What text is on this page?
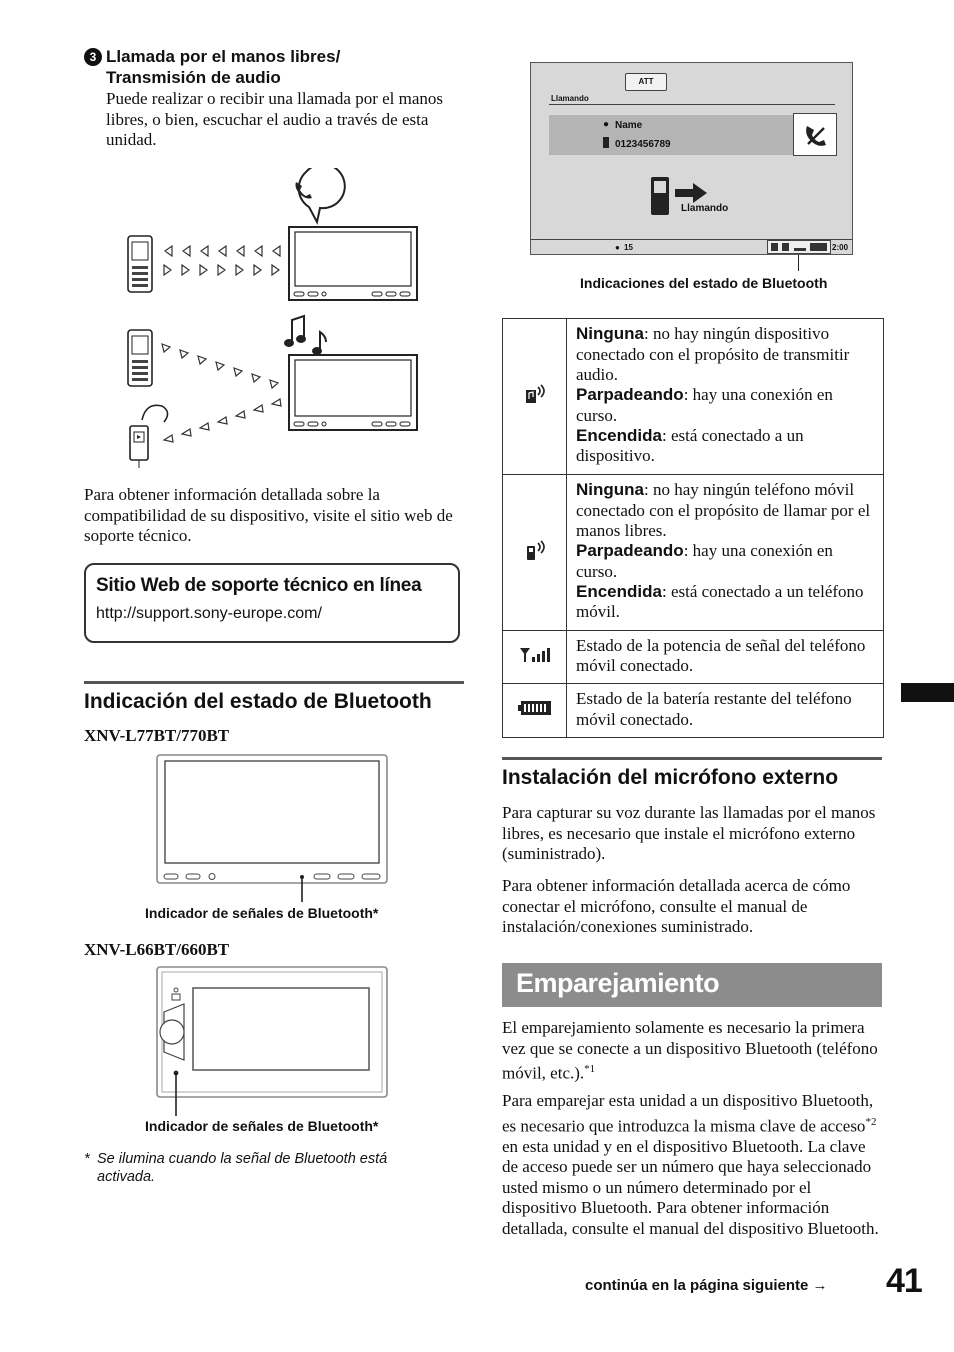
3 Llamada por el manos libres/
Transmisión de audio
Puede realizar o recibir una llamada por el manos libres, o bien, escuchar el audio a través de esta unidad.
Para obtener información detallada sobre la compatibilidad de su dispositivo, visite el sitio web de soporte técnico.
Sitio Web de soporte técnico en línea
http://support.sony-europe.com/
Indicación del estado de Bluetooth
XNV-L77BT/770BT
Indicador de señales de Bluetooth*
XNV-L66BT/660BT
Indicador de señales de Bluetooth*
* Se ilumina cuando la señal de Bluetooth está activada.
ATT
Llamando
● Name
0123456789
Llamando
● 15	2:00
Indicaciones del estado de Bluetooth
	Ninguna: no hay ningún dispositivo conectado con el propósito de transmitir audio.
Parpadeando: hay una conexión en curso.
Encendida: está conectado a un dispositivo.
	Ninguna: no hay ningún teléfono móvil conectado con el propósito de llamar por el manos libres.
Parpadeando: hay una conexión en curso.
Encendida: está conectado a un teléfono móvil.
	Estado de la potencia de señal del teléfono móvil conectado.
	Estado de la batería restante del teléfono móvil conectado.
Instalación del micrófono externo
Para capturar su voz durante las llamadas por el manos libres, es necesario que instale el micrófono externo (suministrado).
Para obtener información detallada acerca de cómo conectar el micrófono, consulte el manual de instalación/conexiones suministrado.
Emparejamiento
El emparejamiento solamente es necesario la primera vez que se conecte a un dispositivo Bluetooth (teléfono móvil, etc.).$^{*1}$
Para emparejar esta unidad a un dispositivo Bluetooth, es necesario que introduzca la misma clave de acceso$^{*2}$ en esta unidad y en el dispositivo Bluetooth. La clave de acceso puede ser un número que haya seleccionado usted mismo o un número determinado por el dispositivo Bluetooth. Para obtener información detallada, consulte el manual del dispositivo Bluetooth.
continúa en la página siguiente → 41
